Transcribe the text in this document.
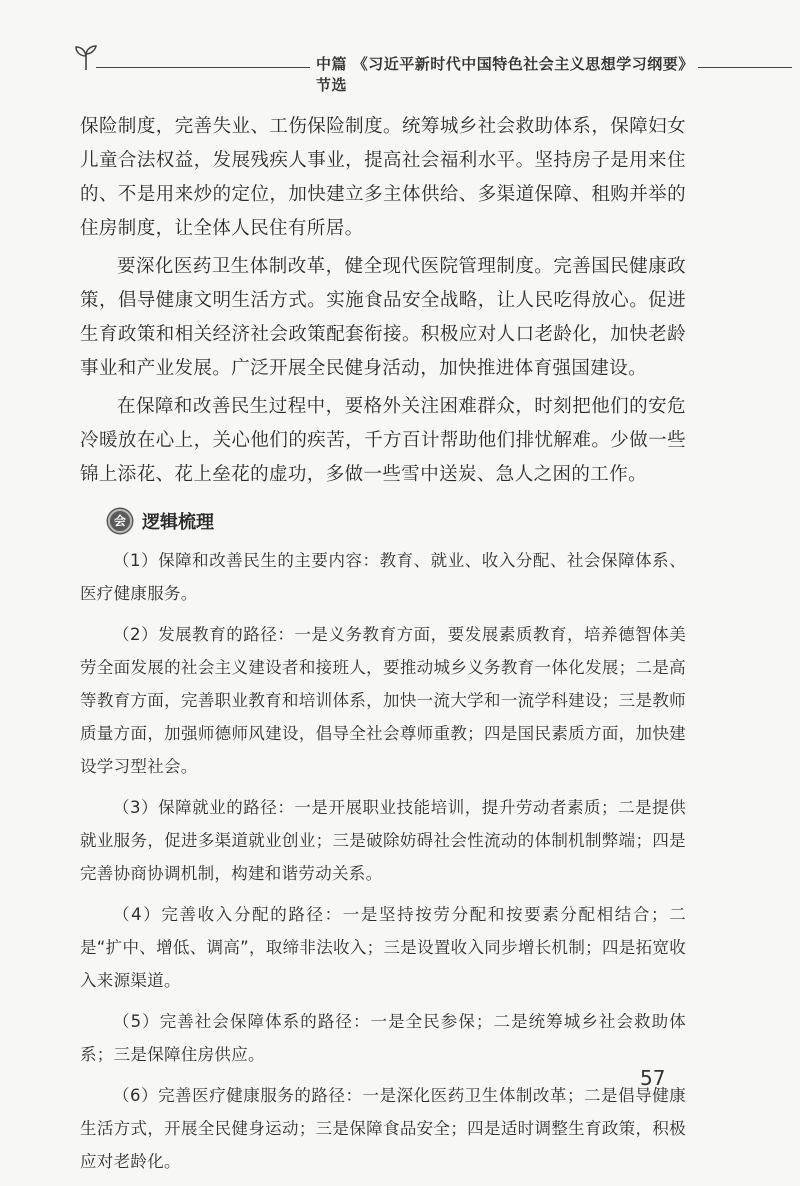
中篇 《习近平新时代中国特色社会主义思想学习纲要》节选

保险制度，完善失业、工伤保险制度。统筹城乡社会救助体系，保障妇女儿童合法权益，发展残疾人事业，提高社会福利水平。坚持房子是用来住的、不是用来炒的定位，加快建立多主体供给、多渠道保障、租购并举的住房制度，让全体人民住有所居。

要深化医药卫生体制改革，健全现代医院管理制度。完善国民健康政策，倡导健康文明生活方式。实施食品安全战略，让人民吃得放心。促进生育政策和相关经济社会政策配套衔接。积极应对人口老龄化，加快老龄事业和产业发展。广泛开展全民健身活动，加快推进体育强国建设。

在保障和改善民生过程中，要格外关注困难群众，时刻把他们的安危冷暖放在心上，关心他们的疾苦，千方百计帮助他们排忧解难。少做一些锦上添花、花上垒花的虚功，多做一些雪中送炭、急人之困的工作。

会 逻辑梳理

（1）保障和改善民生的主要内容：教育、就业、收入分配、社会保障体系、医疗健康服务。

（2）发展教育的路径：一是义务教育方面，要发展素质教育，培养德智体美劳全面发展的社会主义建设者和接班人，要推动城乡义务教育一体化发展；二是高等教育方面，完善职业教育和培训体系，加快一流大学和一流学科建设；三是教师质量方面，加强师德师风建设，倡导全社会尊师重教；四是国民素质方面，加快建设学习型社会。

（3）保障就业的路径：一是开展职业技能培训，提升劳动者素质；二是提供就业服务，促进多渠道就业创业；三是破除妨碍社会性流动的体制机制弊端；四是完善协商协调机制，构建和谐劳动关系。

（4）完善收入分配的路径：一是坚持按劳分配和按要素分配相结合；二是“扩中、增低、调高”，取缔非法收入；三是设置收入同步增长机制；四是拓宽收入来源渠道。

（5）完善社会保障体系的路径：一是全民参保；二是统筹城乡社会救助体系；三是保障住房供应。

（6）完善医疗健康服务的路径：一是深化医药卫生体制改革；二是倡导健康生活方式，开展全民健身运动；三是保障食品安全；四是适时调整生育政策，积极应对老龄化。

57
